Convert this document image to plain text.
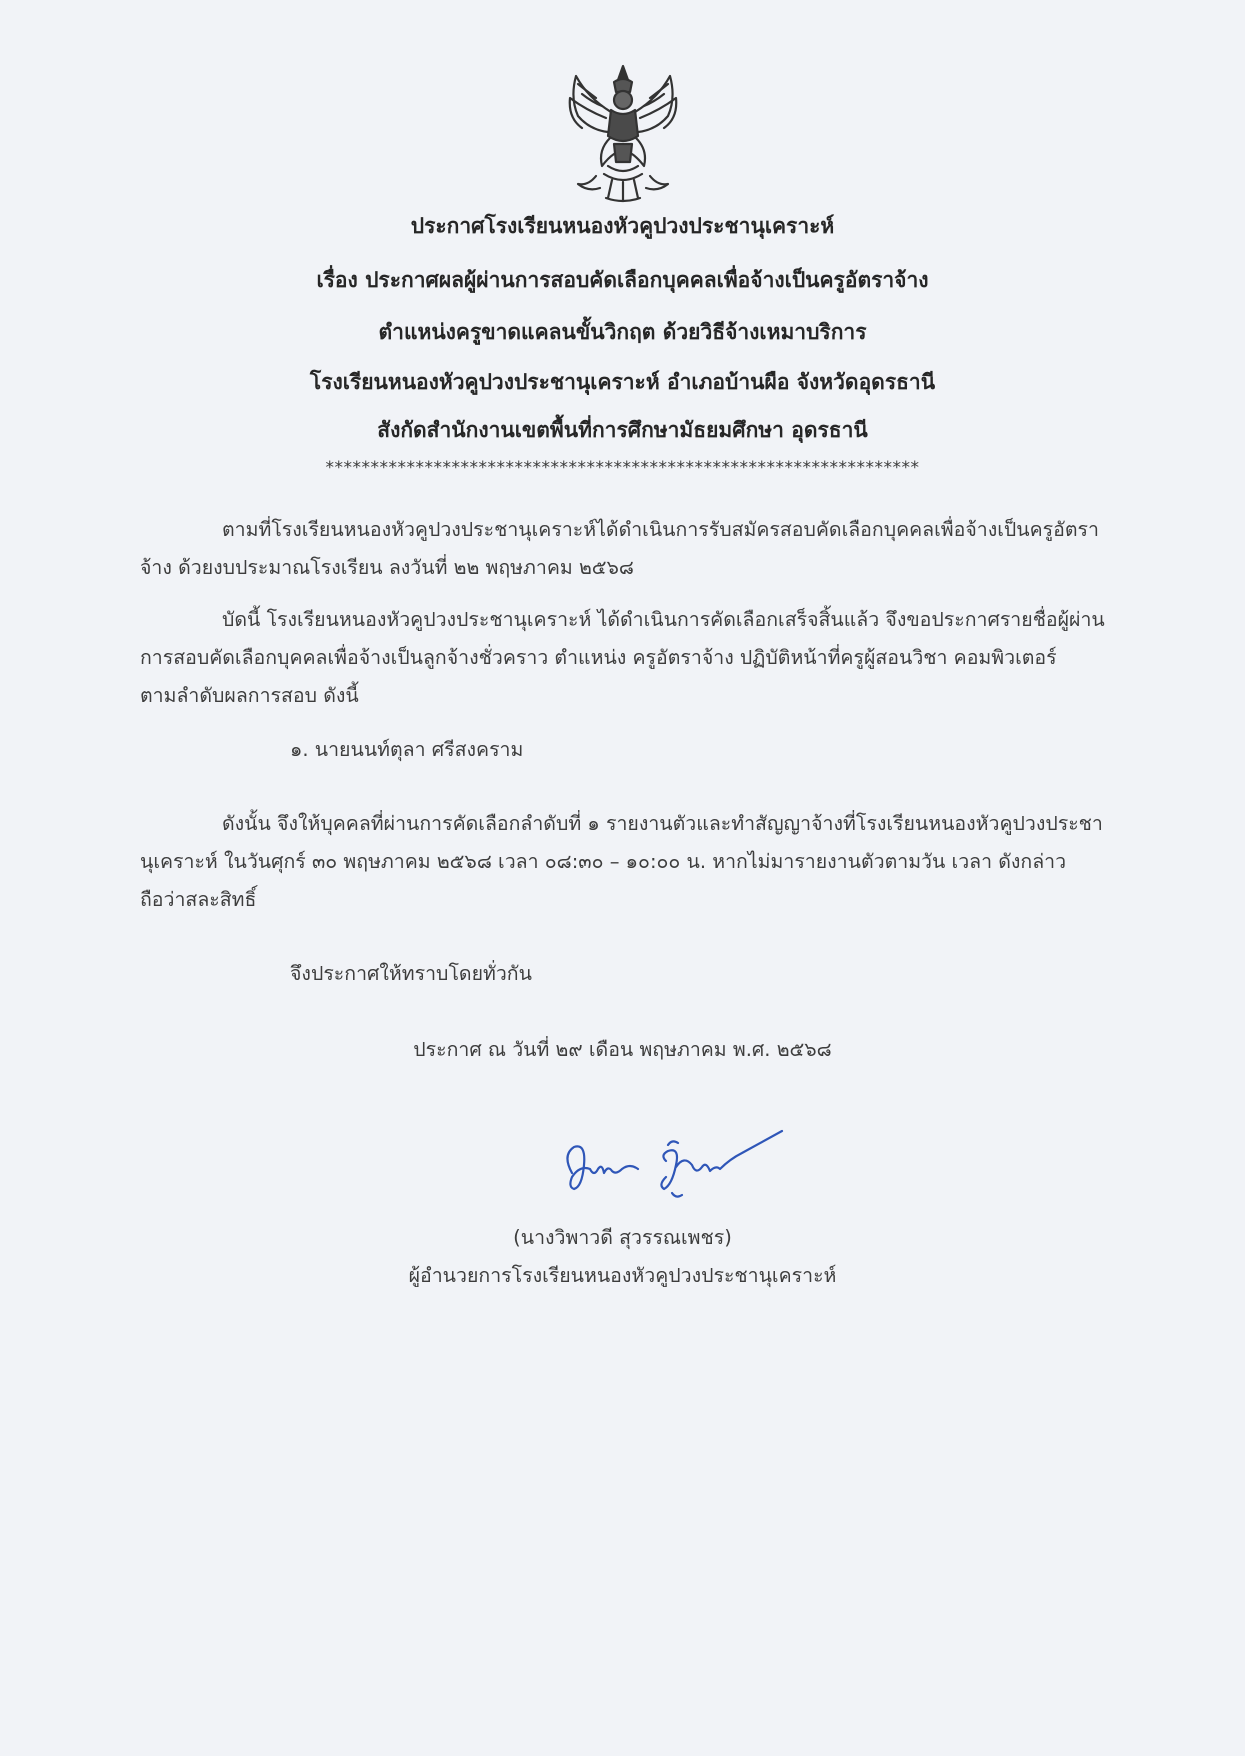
ประกาศโรงเรียนหนองหัวคูปวงประชานุเคราะห์
เรื่อง ประกาศผลผู้ผ่านการสอบคัดเลือกบุคคลเพื่อจ้างเป็นครูอัตราจ้าง
ตำแหน่งครูขาดแคลนขั้นวิกฤต ด้วยวิธีจ้างเหมาบริการ
โรงเรียนหนองหัวคูปวงประชานุเคราะห์ อำเภอบ้านผือ จังหวัดอุดรธานี
สังกัดสำนักงานเขตพื้นที่การศึกษามัธยมศึกษา อุดรธานี
******************************************************************
ตามที่โรงเรียนหนองหัวคูปวงประชานุเคราะห์ได้ดำเนินการรับสมัครสอบคัดเลือกบุคคลเพื่อจ้างเป็นครูอัตรา
จ้าง ด้วยงบประมาณโรงเรียน ลงวันที่ ๒๒ พฤษภาคม ๒๕๖๘
บัดนี้ โรงเรียนหนองหัวคูปวงประชานุเคราะห์ ได้ดำเนินการคัดเลือกเสร็จสิ้นแล้ว จึงขอประกาศรายชื่อผู้ผ่าน
การสอบคัดเลือกบุคคลเพื่อจ้างเป็นลูกจ้างชั่วคราว ตำแหน่ง ครูอัตราจ้าง ปฏิบัติหน้าที่ครูผู้สอนวิชา คอมพิวเตอร์
ตามลำดับผลการสอบ ดังนี้
๑. นายนนท์ตุลา ศรีสงคราม
ดังนั้น จึงให้บุคคลที่ผ่านการคัดเลือกลำดับที่ ๑ รายงานตัวและทำสัญญาจ้างที่โรงเรียนหนองหัวคูปวงประชา
นุเคราะห์ ในวันศุกร์ ๓๐ พฤษภาคม ๒๕๖๘ เวลา ๐๘:๓๐ – ๑๐:๐๐ น. หากไม่มารายงานตัวตามวัน เวลา ดังกล่าว
ถือว่าสละสิทธิ์
จึงประกาศให้ทราบโดยทั่วกัน
ประกาศ ณ วันที่ ๒๙ เดือน พฤษภาคม พ.ศ. ๒๕๖๘
(นางวิพาวดี สุวรรณเพชร)
ผู้อำนวยการโรงเรียนหนองหัวคูปวงประชานุเคราะห์
